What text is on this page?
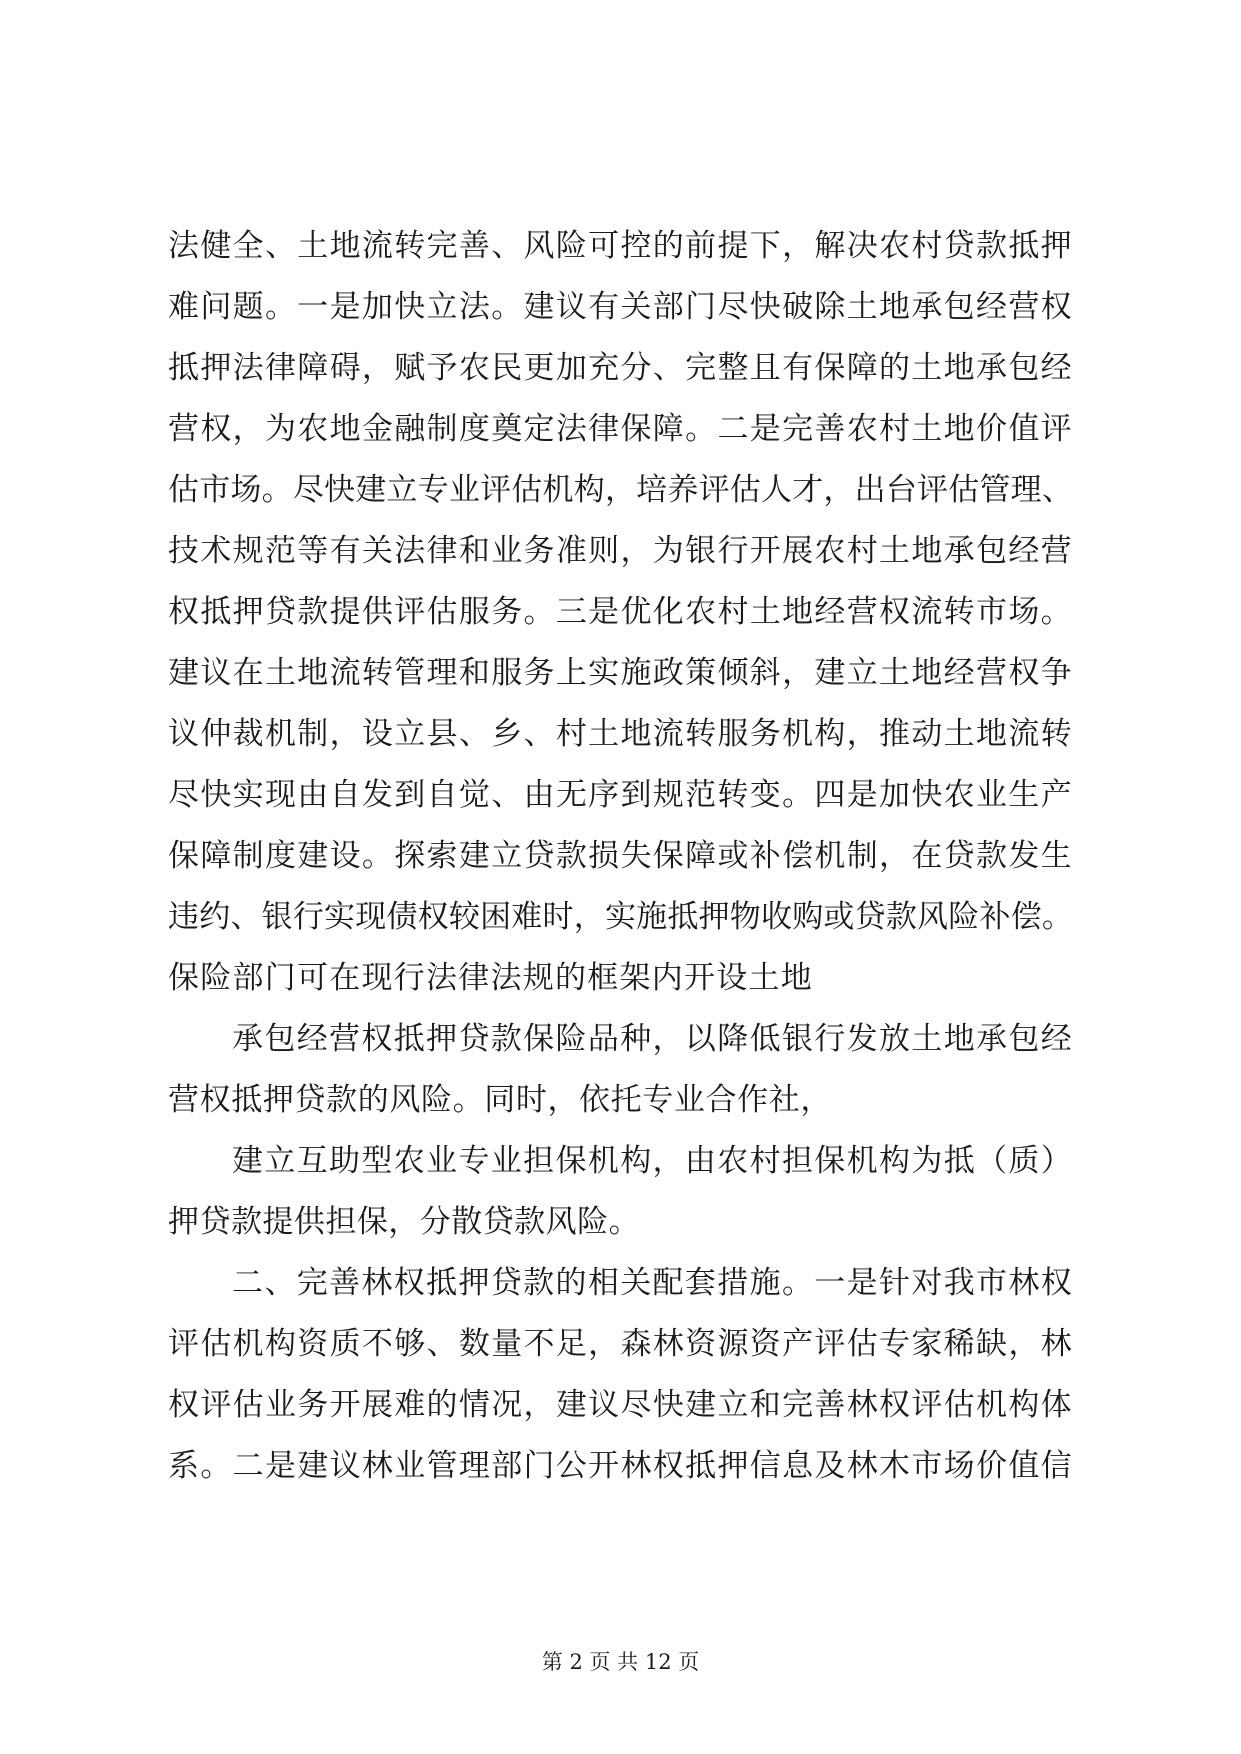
法健全、土地流转完善、风险可控的前提下，解决农村贷款抵押
难问题。一是加快立法。建议有关部门尽快破除土地承包经营权
抵押法律障碍，赋予农民更加充分、完整且有保障的土地承包经
营权，为农地金融制度奠定法律保障。二是完善农村土地价值评
估市场。尽快建立专业评估机构，培养评估人才，出台评估管理、
技术规范等有关法律和业务准则，为银行开展农村土地承包经营
权抵押贷款提供评估服务。三是优化农村土地经营权流转市场。
建议在土地流转管理和服务上实施政策倾斜，建立土地经营权争
议仲裁机制，设立县、乡、村土地流转服务机构，推动土地流转
尽快实现由自发到自觉、由无序到规范转变。四是加快农业生产
保障制度建设。探索建立贷款损失保障或补偿机制，在贷款发生
违约、银行实现债权较困难时，实施抵押物收购或贷款风险补偿。
保险部门可在现行法律法规的框架内开设土地
承包经营权抵押贷款保险品种，以降低银行发放土地承包经
营权抵押贷款的风险。同时，依托专业合作社，
建立互助型农业专业担保机构，由农村担保机构为抵（质）
押贷款提供担保，分散贷款风险。
二、完善林权抵押贷款的相关配套措施。一是针对我市林权
评估机构资质不够、数量不足，森林资源资产评估专家稀缺，林
权评估业务开展难的情况，建议尽快建立和完善林权评估机构体
系。二是建议林业管理部门公开林权抵押信息及林木市场价值信
第 2 页 共 12 页
